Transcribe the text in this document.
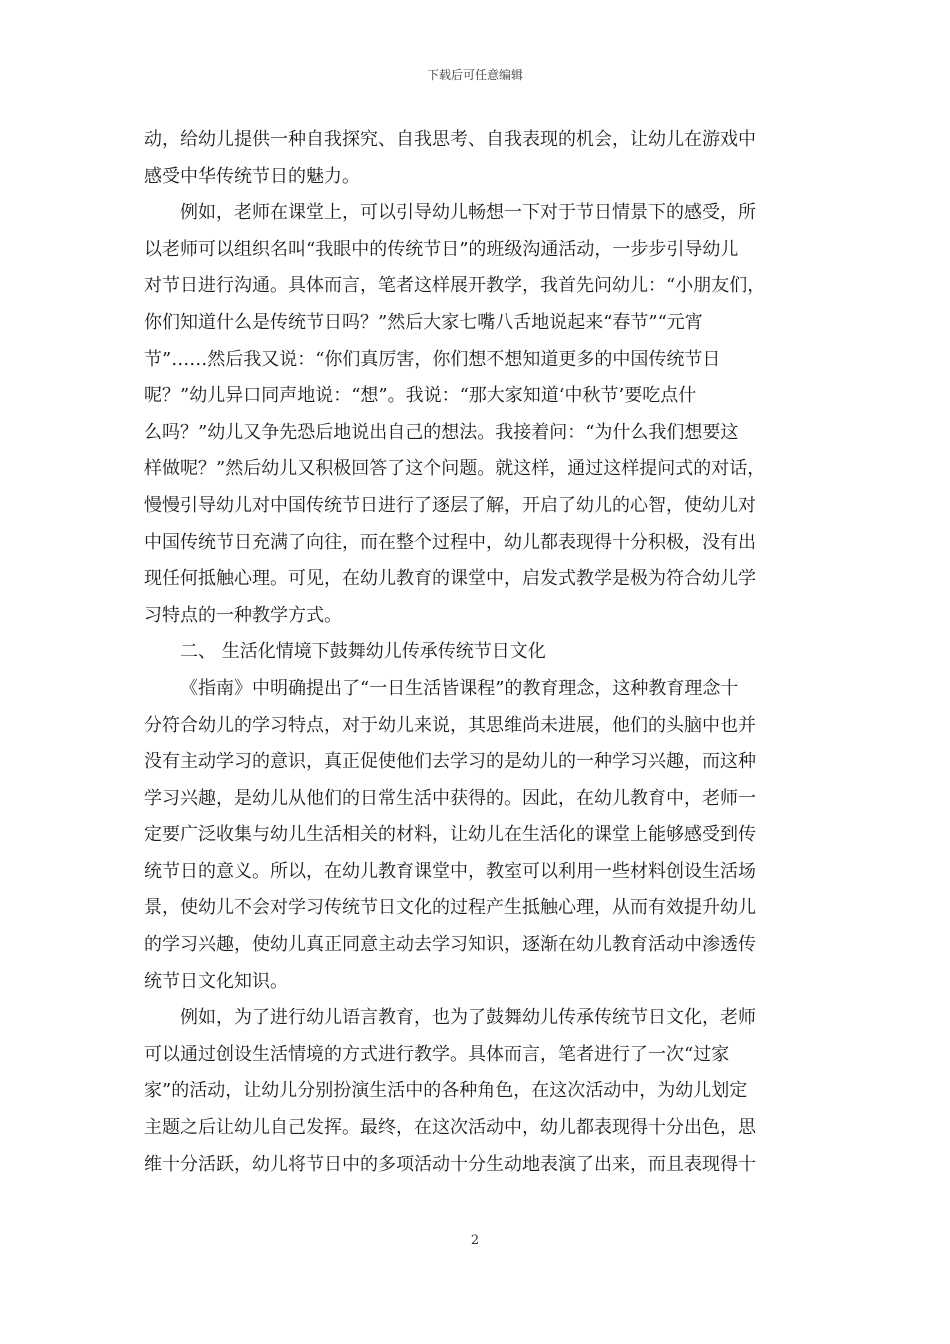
下载后可任意编辑
动，给幼儿提供一种自我探究、自我思考、自我表现的机会，让幼儿在游戏中
感受中华传统节日的魅力。
例如，老师在课堂上，可以引导幼儿畅想一下对于节日情景下的感受，所
以老师可以组织名叫“我眼中的传统节日”的班级沟通活动，一步步引导幼儿
对节日进行沟通。具体而言，笔者这样展开教学，我首先问幼儿：“小朋友们，
你们知道什么是传统节日吗？”然后大家七嘴八舌地说起来“春节”“元宵
节”……然后我又说：“你们真厉害，你们想不想知道更多的中国传统节日
呢？”幼儿异口同声地说：“想”。我说：“那大家知道‘中秋节’要吃点什
么吗？”幼儿又争先恐后地说出自己的想法。我接着问：“为什么我们想要这
样做呢？”然后幼儿又积极回答了这个问题。就这样，通过这样提问式的对话，
慢慢引导幼儿对中国传统节日进行了逐层了解，开启了幼儿的心智，使幼儿对
中国传统节日充满了向往，而在整个过程中，幼儿都表现得十分积极，没有出
现任何抵触心理。可见，在幼儿教育的课堂中，启发式教学是极为符合幼儿学
习特点的一种教学方式。
二、 生活化情境下鼓舞幼儿传承传统节日文化
《指南》中明确提出了“一日生活皆课程”的教育理念，这种教育理念十
分符合幼儿的学习特点，对于幼儿来说，其思维尚未进展，他们的头脑中也并
没有主动学习的意识，真正促使他们去学习的是幼儿的一种学习兴趣，而这种
学习兴趣，是幼儿从他们的日常生活中获得的。因此，在幼儿教育中，老师一
定要广泛收集与幼儿生活相关的材料，让幼儿在生活化的课堂上能够感受到传
统节日的意义。所以，在幼儿教育课堂中，教室可以利用一些材料创设生活场
景，使幼儿不会对学习传统节日文化的过程产生抵触心理，从而有效提升幼儿
的学习兴趣，使幼儿真正同意主动去学习知识，逐渐在幼儿教育活动中渗透传
统节日文化知识。
例如，为了进行幼儿语言教育，也为了鼓舞幼儿传承传统节日文化，老师
可以通过创设生活情境的方式进行教学。具体而言，笔者进行了一次“过家
家”的活动，让幼儿分别扮演生活中的各种角色，在这次活动中，为幼儿划定
主题之后让幼儿自己发挥。最终，在这次活动中，幼儿都表现得十分出色，思
维十分活跃，幼儿将节日中的多项活动十分生动地表演了出来，而且表现得十
2
